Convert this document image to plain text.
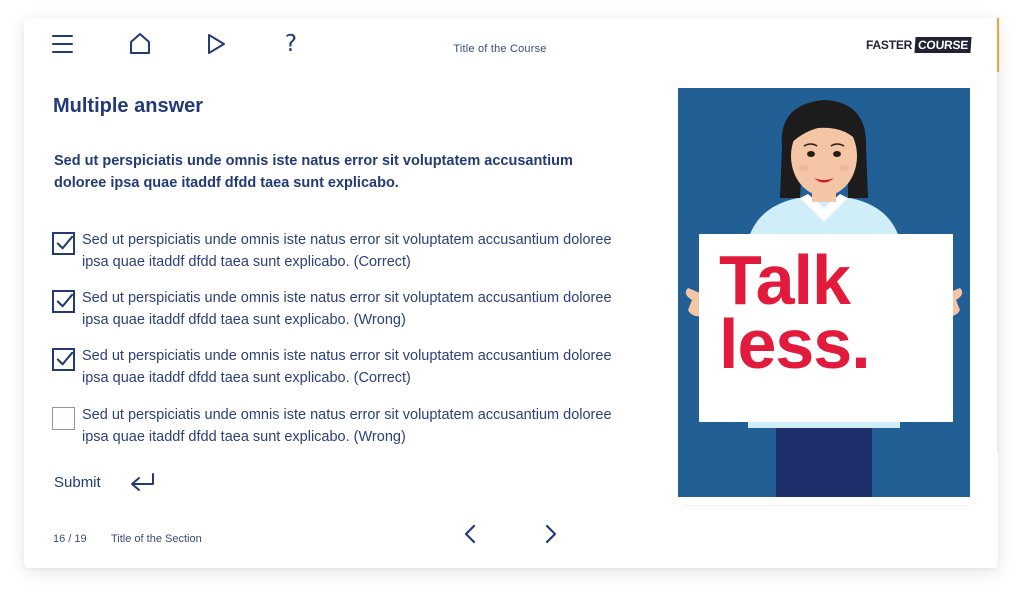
?	Title of the Course	FASTER COURSE
Multiple answer
Sed ut perspiciatis unde omnis iste natus error sit voluptatem accusantium doloree ipsa quae itaddf dfdd taea sunt explicabo.
Sed ut perspiciatis unde omnis iste natus error sit voluptatem accusantium doloree ipsa quae itaddf dfdd taea sunt explicabo. (Correct)
Sed ut perspiciatis unde omnis iste natus error sit voluptatem accusantium doloree ipsa quae itaddf dfdd taea sunt explicabo. (Wrong)
Sed ut perspiciatis unde omnis iste natus error sit voluptatem accusantium doloree ipsa quae itaddf dfdd taea sunt explicabo. (Correct)
Sed ut perspiciatis unde omnis iste natus error sit voluptatem accusantium doloree ipsa quae itaddf dfdd taea sunt explicabo. (Wrong)
Submit
16 / 19 Title of the Section
Talk
less.
